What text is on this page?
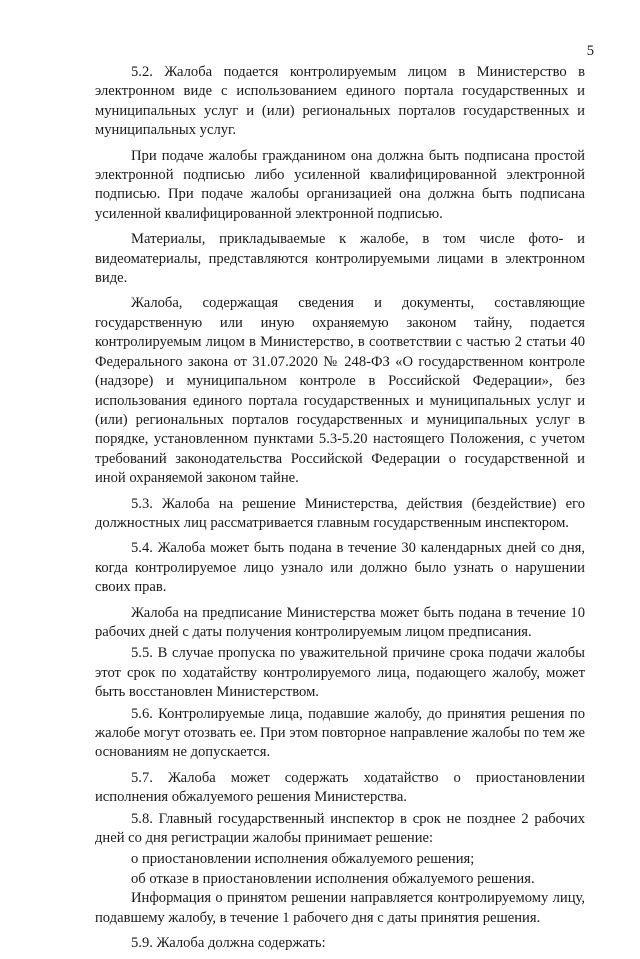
5

5.2. Жалоба подается контролируемым лицом в Министерство в электронном виде с использованием единого портала государственных и муниципальных услуг и (или) региональных порталов государственных и муниципальных услуг.

При подаче жалобы гражданином она должна быть подписана простой электронной подписью либо усиленной квалифицированной электронной подписью. При подаче жалобы организацией она должна быть подписана усиленной квалифицированной электронной подписью.

Материалы, прикладываемые к жалобе, в том числе фото- и видеоматериалы, представляются контролируемыми лицами в электронном виде.

Жалоба, содержащая сведения и документы, составляющие государственную или иную охраняемую законом тайну, подается контролируемым лицом в Министерство, в соответствии с частью 2 статьи 40 Федерального закона от 31.07.2020 № 248-ФЗ «О государственном контроле (надзоре) и муниципальном контроле в Российской Федерации», без использования единого портала государственных и муниципальных услуг и (или) региональных порталов государственных и муниципальных услуг в порядке, установленном пунктами 5.3-5.20 настоящего Положения, с учетом требований законодательства Российской Федерации о государственной и иной охраняемой законом тайне.

5.3. Жалоба на решение Министерства, действия (бездействие) его должностных лиц рассматривается главным государственным инспектором.

5.4. Жалоба может быть подана в течение 30 календарных дней со дня, когда контролируемое лицо узнало или должно было узнать о нарушении своих прав.

Жалоба на предписание Министерства может быть подана в течение 10 рабочих дней с даты получения контролируемым лицом предписания.

5.5. В случае пропуска по уважительной причине срока подачи жалобы этот срок по ходатайству контролируемого лица, подающего жалобу, может быть восстановлен Министерством.

5.6. Контролируемые лица, подавшие жалобу, до принятия решения по жалобе могут отозвать ее. При этом повторное направление жалобы по тем же основаниям не допускается.

5.7. Жалоба может содержать ходатайство о приостановлении исполнения обжалуемого решения Министерства.

5.8. Главный государственный инспектор в срок не позднее 2 рабочих дней со дня регистрации жалобы принимает решение:

о приостановлении исполнения обжалуемого решения;

об отказе в приостановлении исполнения обжалуемого решения.

Информация о принятом решении направляется контролируемому лицу, подавшему жалобу, в течение 1 рабочего дня с даты принятия решения.

5.9. Жалоба должна содержать:
